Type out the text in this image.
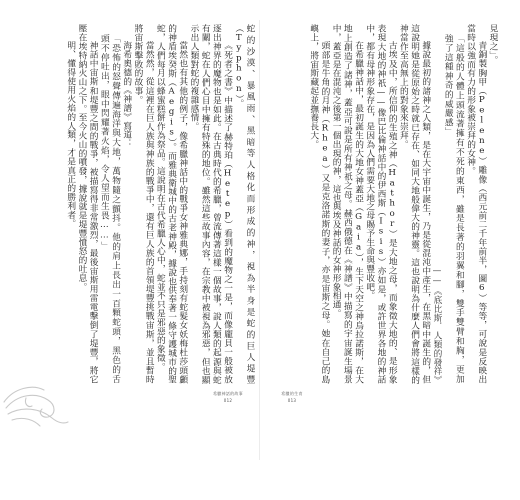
見現之」。

青銅製胸甲（Pelene）雕像（西元前二千年前半，圖6）等等，可說是反映出當時以強而有力的形象被崇拜的女神。

「這般的人體上頭流著擁有不死的東西，雖是長著的羽翼和腳，雙手雙臂和胸，更加強了這種神奇的威嚴感」

——《底比斯．人類的發祥》

據說最初的諸神之人類，是在大宇宙中誕生，乃是從混沌中產生，在黑暗中誕生的，但這說明她是從原始之時就已存在、如同大地般偉大的神靈。這也說明為什麼人們會將這樣的神當作至高無上的對象來崇拜。

古埃及中，所信仰的生殖之神（Hathor）是大地之母，而象徵大地的、是形象表現大地的神祇——像巴比倫神話中的伊西斯（Isis）亦如是，或許世界各地的神話中，都有母神形象存在，是因為人們需要大地之母賜予生命與豐收吧。

在希臘神話中，最初誕生的大地女神蓋亞（Gaia），生下天空之神烏拉諾斯，在大地上創造了諸神，蓋亞可說是所有神祇之母。赫西俄德在《神譜》中描寫的宇宙誕生場景中，蓋亞是在混沌之後第一個出現的神，這也與埃及神話的女神形象相通。

頭部是牛角的月神（Rhea）又是克洛諾斯的妻子，亦是宙斯之母。她在自己的島嶼上，將宙斯藏起並撫養長大。

蛇的沙漠、暴風雨、黑暗等人格化而形成的神，視為半身是蛇的巨人堤豐（Typhon）。

《死者之書》中描述了赫特珀（Hetep）看到的魔物之一是，而像龐貝一般被放逐出神界的魔物也是如此。在古典時代的希臘，曾流傳著這樣一個故事，說人類的起源與蛇有關，蛇在人們心目中擁有特殊的地位。雖然這些故事內容，在宗教中被視為邪惡，但也顯示出人類對蛇的複雜感情。

當然也有其他的例子，像希臘神話中的戰爭女神雅典娜，手持刻有蛇髮女妖梅杜莎頭顱的神盾埃癸斯（Aegis）。而雅典衛城中的古老神殿，據說也供奉著一條守護城市的聖蛇，人們每月以蜂蜜糕餅作為祭品。這說明在古代希臘人心中，蛇並不只是邪惡的象徵。

當然然，從這裡在巨人族與神族的戰爭中，還有巨人族的首領堤豐挑戰宙斯，並且暫時將宙斯擊敗的故事。

海希奧德的《神譜》寫道：

「恐怖的怒聲傳遍海洋與大地，萬物隨之顫抖。他的肩上長出一百顆蛇頭，黑色的舌頭不停吐出，眼中閃耀著火焰，令人望而生畏……」

神話中宙斯和堤豐之間的戰爭，被描寫得非常激烈，最後宙斯用雷電擊倒了堤豐，將它壓在埃特納火山之下。至今火山的噴發，據說就是堤豐憤怒的吐息。

明、懂得使用火焰的人類，才是真正的勝利者。

希臘神話的故事
012
希臘的生育
013
